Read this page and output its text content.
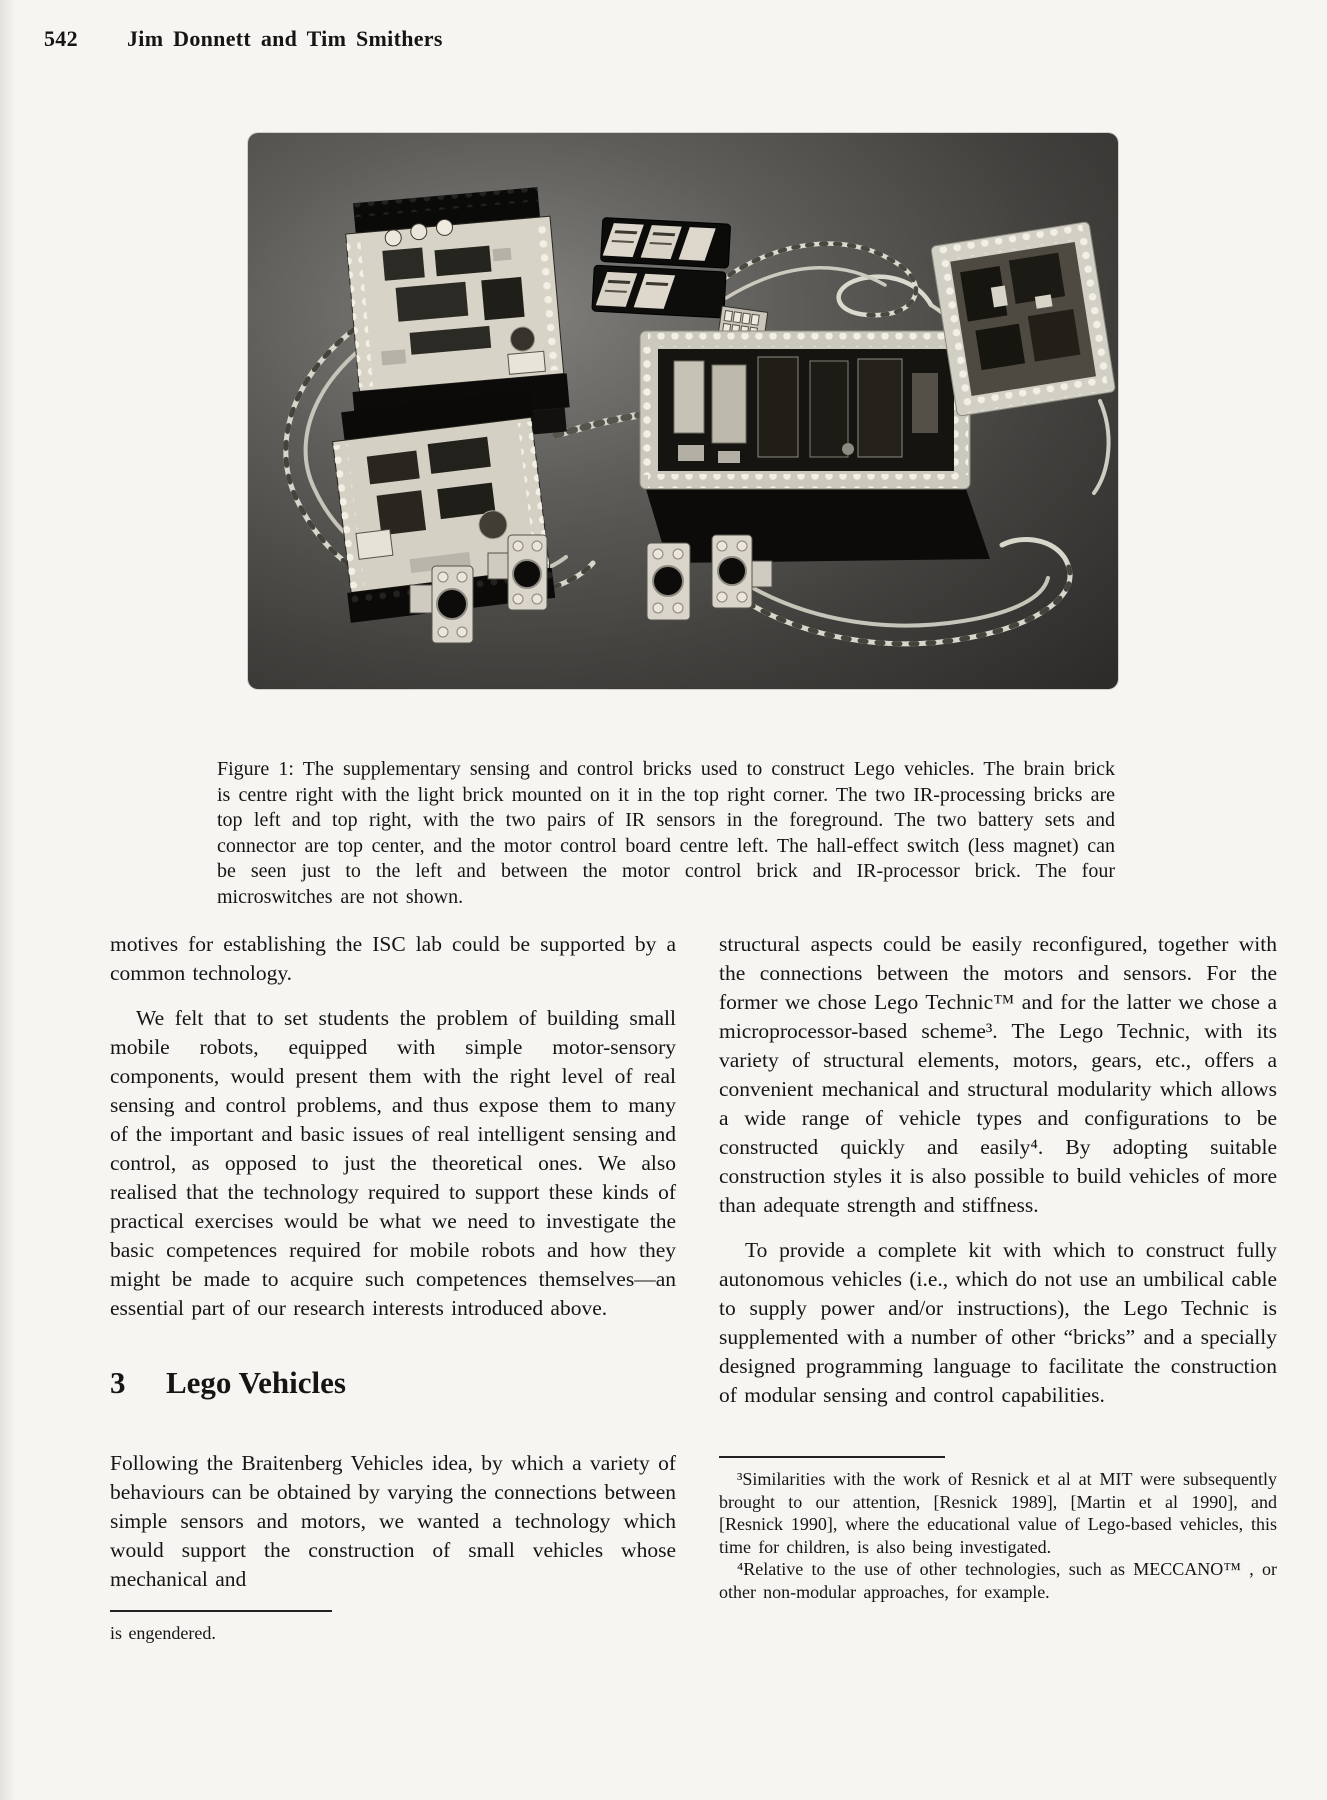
542 Jim Donnett and Tim Smithers

Figure 1: The supplementary sensing and control bricks used to construct Lego vehicles. The brain brick is centre right with the light brick mounted on it in the top right corner. The two IR-processing bricks are top left and top right, with the two pairs of IR sensors in the foreground. The two battery sets and connector are top center, and the motor control board centre left. The hall-effect switch (less magnet) can be seen just to the left and between the motor control brick and IR-processor brick. The four microswitches are not shown.

motives for establishing the ISC lab could be supported by a common technology.

We felt that to set students the problem of building small mobile robots, equipped with simple motor-sensory components, would present them with the right level of real sensing and control problems, and thus expose them to many of the important and basic issues of real intelligent sensing and control, as opposed to just the theoretical ones. We also realised that the technology required to support these kinds of practical exercises would be what we need to investigate the basic competences required for mobile robots and how they might be made to acquire such competences themselves—an essential part of our research interests introduced above.

3 Lego Vehicles

Following the Braitenberg Vehicles idea, by which a variety of behaviours can be obtained by varying the connections between simple sensors and motors, we wanted a technology which would support the construction of small vehicles whose mechanical and

is engendered.

structural aspects could be easily reconfigured, together with the connections between the motors and sensors. For the former we chose Lego Technic™ and for the latter we chose a microprocessor-based scheme³. The Lego Technic, with its variety of structural elements, motors, gears, etc., offers a convenient mechanical and structural modularity which allows a wide range of vehicle types and configurations to be constructed quickly and easily⁴. By adopting suitable construction styles it is also possible to build vehicles of more than adequate strength and stiffness.

To provide a complete kit with which to construct fully autonomous vehicles (i.e., which do not use an umbilical cable to supply power and/or instructions), the Lego Technic is supplemented with a number of other “bricks” and a specially designed programming language to facilitate the construction of modular sensing and control capabilities.

³Similarities with the work of Resnick et al at MIT were subsequently brought to our attention, [Resnick 1989], [Martin et al 1990], and [Resnick 1990], where the educational value of Lego-based vehicles, this time for children, is also being investigated.

⁴Relative to the use of other technologies, such as MECCANO™ , or other non-modular approaches, for example.
